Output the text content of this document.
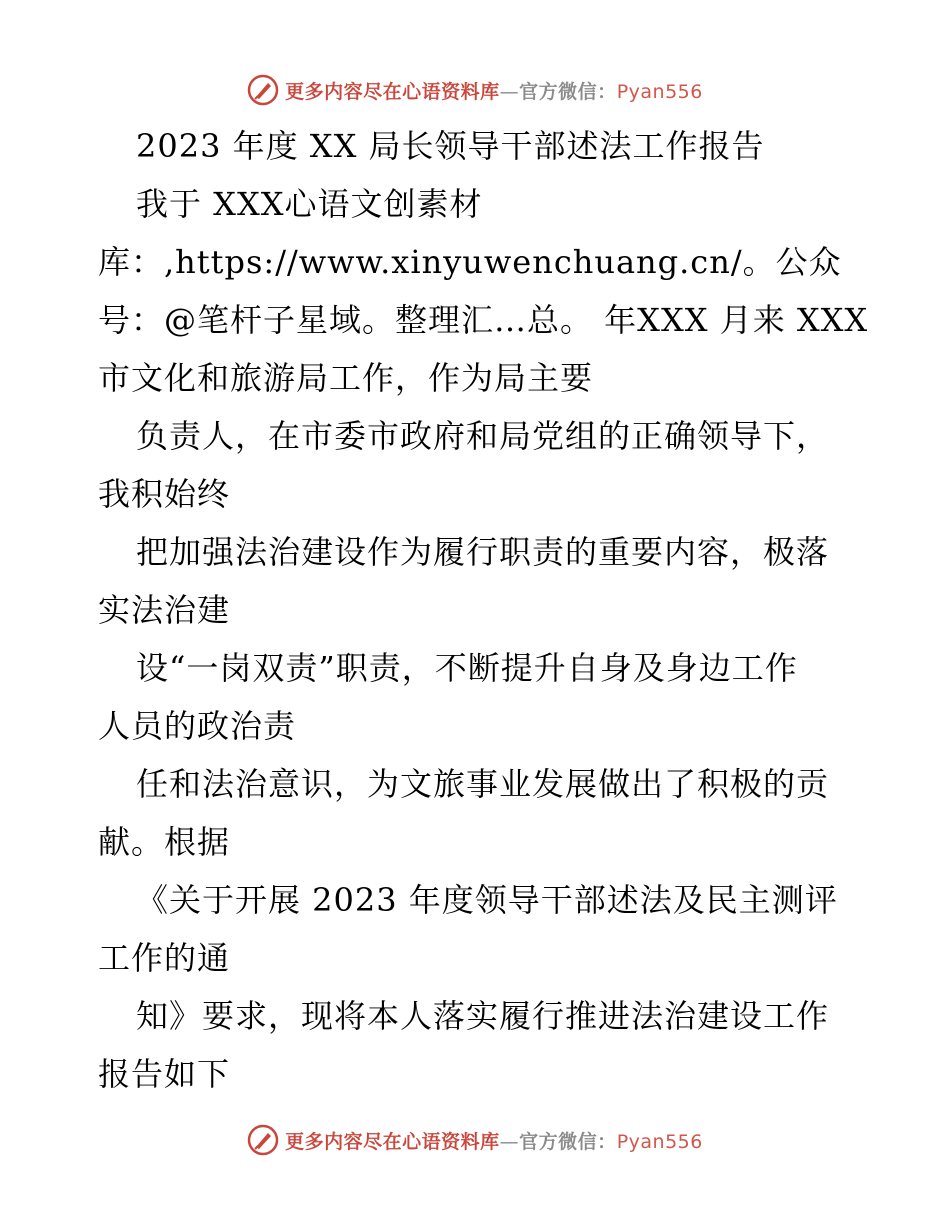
更多内容尽在心语资料库—官方微信：Pyan556
2023 年度 XX 局长领导干部述法工作报告
我于 XXX心语文创素材
库：,https://www.xinyuwenchuang.cn/。公众
号：@笔杆子星域。整理汇…总。 年XXX 月来 XXX
市文化和旅游局工作，作为局主要
负责人，在市委市政府和局党组的正确领导下，
我积始终
把加强法治建设作为履行职责的重要内容，极落
实法治建
设“一岗双责”职责，不断提升自身及身边工作
人员的政治责
任和法治意识，为文旅事业发展做出了积极的贡
献。根据
《关于开展 2023 年度领导干部述法及民主测评
工作的通
知》要求，现将本人落实履行推进法治建设工作
报告如下
更多内容尽在心语资料库—官方微信：Pyan556
